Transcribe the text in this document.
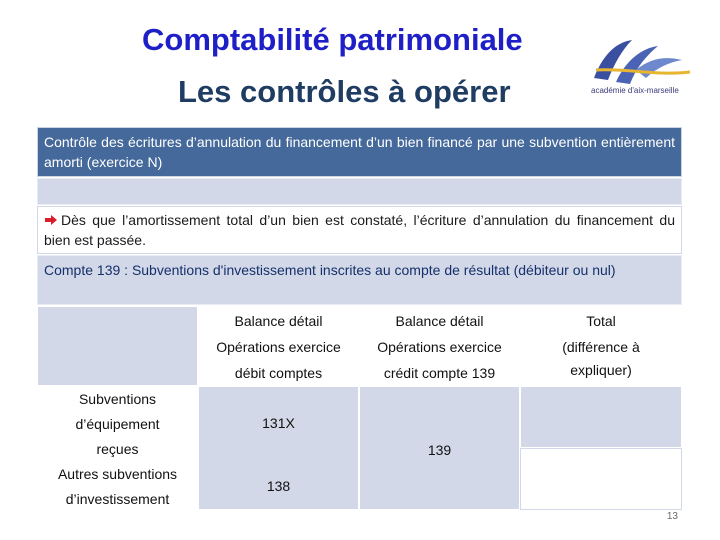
Comptabilité patrimoniale
Les contrôles à opérer	académie d'aix-marseille
Contrôle des écritures d’annulation du financement d’un bien financé par une subvention entièrement amorti (exercice N)
Dès que l’amortissement total d’un bien est constaté, l’écriture d’annulation du financement du bien est passée.
Compte 139 : Subventions d'investissement inscrites au compte de résultat (débiteur ou nul)
Balance détail
Opérations exercice
débit comptes
Balance détail
Opérations exercice
crédit compte 139
Total
(différence à
expliquer)
Subventions
d’équipement
reçues
Autres subventions
d’investissement
131X
138
139
13
